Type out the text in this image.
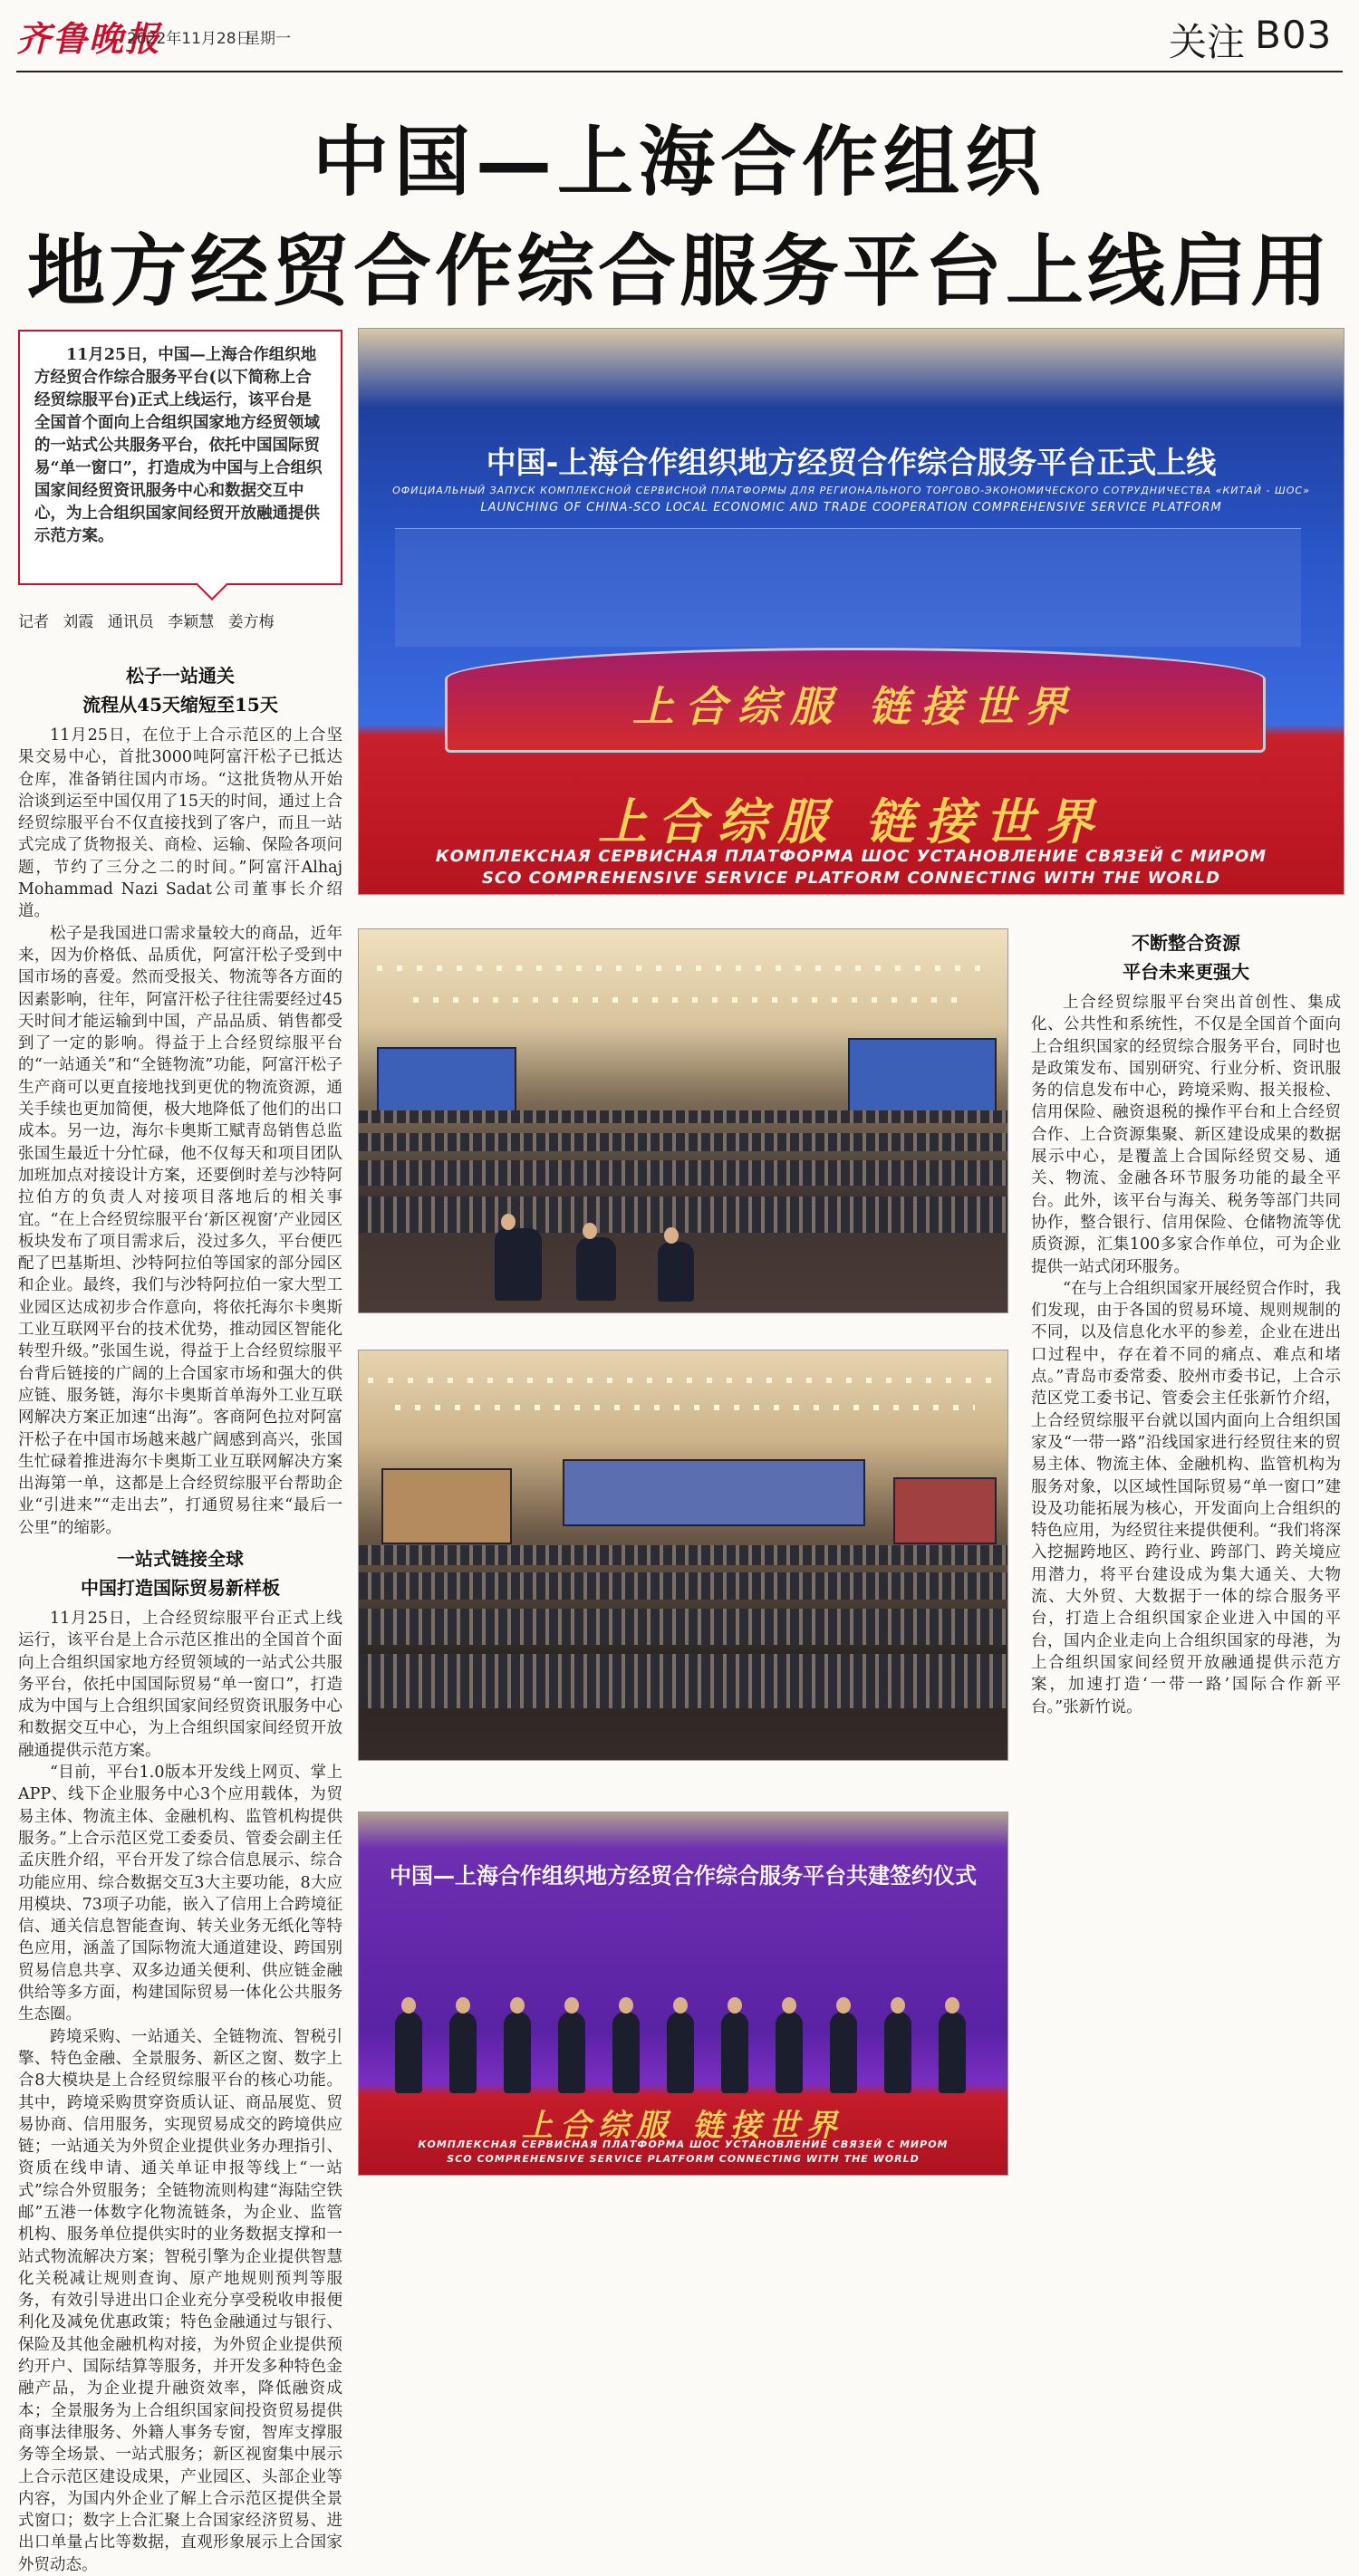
齐鲁晚报
2022年11月28日
星期一	关注 B03
中国—上海合作组织
地方经贸合作综合服务平台上线启用
11月25日，中国—上海合作组织地方经贸合作综合服务平台(以下简称上合经贸综服平台)正式上线运行，该平台是全国首个面向上合组织国家地方经贸领域的一站式公共服务平台，依托中国国际贸易“单一窗口”，打造成为中国与上合组织国家间经贸资讯服务中心和数据交互中心，为上合组织国家间经贸开放融通提供示范方案。
记者 刘霞 通讯员 李颖慧 姜方梅
松子一站通关
流程从45天缩短至15天

11月25日，在位于上合示范区的上合坚果交易中心，首批3000吨阿富汗松子已抵达仓库，准备销往国内市场。“这批货物从开始洽谈到运至中国仅用了15天的时间，通过上合经贸综服平台不仅直接找到了客户，而且一站式完成了货物报关、商检、运输、保险各项问题，节约了三分之二的时间。”阿富汗Alhaj Mohammad Nazi Sadat公司董事长介绍道。

松子是我国进口需求量较大的商品，近年来，因为价格低、品质优，阿富汗松子受到中国市场的喜爱。然而受报关、物流等各方面的因素影响，往年，阿富汗松子往往需要经过45天时间才能运输到中国，产品品质、销售都受到了一定的影响。得益于上合经贸综服平台的“一站通关”和“全链物流”功能，阿富汗松子生产商可以更直接地找到更优的物流资源，通关手续也更加简便，极大地降低了他们的出口成本。另一边，海尔卡奥斯工赋青岛销售总监张国生最近十分忙碌，他不仅每天和项目团队加班加点对接设计方案，还要倒时差与沙特阿拉伯方的负责人对接项目落地后的相关事宜。“在上合经贸综服平台‘新区视窗’产业园区板块发布了项目需求后，没过多久，平台便匹配了巴基斯坦、沙特阿拉伯等国家的部分园区和企业。最终，我们与沙特阿拉伯一家大型工业园区达成初步合作意向，将依托海尔卡奥斯工业互联网平台的技术优势，推动园区智能化转型升级。”张国生说，得益于上合经贸综服平台背后链接的广阔的上合国家市场和强大的供应链、服务链，海尔卡奥斯首单海外工业互联网解决方案正加速“出海”。客商阿色拉对阿富汗松子在中国市场越来越广阔感到高兴，张国生忙碌着推进海尔卡奥斯工业互联网解决方案出海第一单，这都是上合经贸综服平台帮助企业“引进来”“走出去”，打通贸易往来“最后一公里”的缩影。

一站式链接全球
中国打造国际贸易新样板

11月25日，上合经贸综服平台正式上线运行，该平台是上合示范区推出的全国首个面向上合组织国家地方经贸领域的一站式公共服务平台，依托中国国际贸易“单一窗口”，打造成为中国与上合组织国家间经贸资讯服务中心和数据交互中心，为上合组织国家间经贸开放融通提供示范方案。

“目前，平台1.0版本开发线上网页、掌上APP、线下企业服务中心3个应用载体，为贸易主体、物流主体、金融机构、监管机构提供服务。”上合示范区党工委委员、管委会副主任孟庆胜介绍，平台开发了综合信息展示、综合功能应用、综合数据交互3大主要功能，8大应用模块、73项子功能，嵌入了信用上合跨境征信、通关信息智能查询、转关业务无纸化等特色应用，涵盖了国际物流大通道建设、跨国别贸易信息共享、双多边通关便利、供应链金融供给等多方面，构建国际贸易一体化公共服务生态圈。

跨境采购、一站通关、全链物流、智税引擎、特色金融、全景服务、新区之窗、数字上合8大模块是上合经贸综服平台的核心功能。其中，跨境采购贯穿资质认证、商品展览、贸易协商、信用服务，实现贸易成交的跨境供应链；一站通关为外贸企业提供业务办理指引、资质在线申请、通关单证申报等线上“一站式”综合外贸服务；全链物流则构建“海陆空铁邮”五港一体数字化物流链条，为企业、监管机构、服务单位提供实时的业务数据支撑和一站式物流解决方案；智税引擎为企业提供智慧化关税减让规则查询、原产地规则预判等服务，有效引导进出口企业充分享受税收申报便利化及减免优惠政策；特色金融通过与银行、保险及其他金融机构对接，为外贸企业提供预约开户、国际结算等服务，并开发多种特色金融产品，为企业提升融资效率，降低融资成本；全景服务为上合组织国家间投资贸易提供商事法律服务、外籍人事务专窗，智库支撑服务等全场景、一站式服务；新区视窗集中展示上合示范区建设成果，产业园区、头部企业等内容，为国内外企业了解上合示范区提供全景式窗口；数字上合汇聚上合国家经济贸易、进出口单量占比等数据，直观形象展示上合国家外贸动态。

不断整合资源
平台未来更强大

上合经贸综服平台突出首创性、集成化、公共性和系统性，不仅是全国首个面向上合组织国家的经贸综合服务平台，同时也是政策发布、国别研究、行业分析、资讯服务的信息发布中心，跨境采购、报关报检、信用保险、融资退税的操作平台和上合经贸合作、上合资源集聚、新区建设成果的数据展示中心，是覆盖上合国际经贸交易、通关、物流、金融各环节服务功能的最全平台。此外，该平台与海关、税务等部门共同协作，整合银行、信用保险、仓储物流等优质资源，汇集100多家合作单位，可为企业提供一站式闭环服务。

“在与上合组织国家开展经贸合作时，我们发现，由于各国的贸易环境、规则规制的不同，以及信息化水平的参差，企业在进出口过程中，存在着不同的痛点、难点和堵点。”青岛市委常委、胶州市委书记，上合示范区党工委书记、管委会主任张新竹介绍，上合经贸综服平台就以国内面向上合组织国家及“一带一路”沿线国家进行经贸往来的贸易主体、物流主体、金融机构、监管机构为服务对象，以区域性国际贸易“单一窗口”建设及功能拓展为核心，开发面向上合组织的特色应用，为经贸往来提供便利。“我们将深入挖掘跨地区、跨行业、跨部门、跨关境应用潜力，将平台建设成为集大通关、大物流、大外贸、大数据于一体的综合服务平台，打造上合组织国家企业进入中国的平台，国内企业走向上合组织国家的母港，为上合组织国家间经贸开放融通提供示范方案，加速打造‘一带一路’国际合作新平台。”张新竹说。

中国-上海合作组织地方经贸合作综合服务平台正式上线
ОФИЦИАЛЬНЫЙ ЗАПУСК КОМПЛЕКСНОЙ СЕРВИСНОЙ ПЛАТФОРМЫ ДЛЯ РЕГИОНАЛЬНОГО ТОРГОВО-ЭКОНОМИЧЕСКОГО СОТРУДНИЧЕСТВА «КИТАЙ - ШОС»
LAUNCHING OF CHINA-SCO LOCAL ECONOMIC AND TRADE COOPERATION COMPREHENSIVE SERVICE PLATFORM
上合综服 链接世界
上合综服 链接世界
КОМПЛЕКСНАЯ СЕРВИСНАЯ ПЛАТФОРМА ШОС УСТАНОВЛЕНИЕ СВЯЗЕЙ С МИРОМ
SCO COMPREHENSIVE SERVICE PLATFORM CONNECTING WITH THE WORLD
中国—上海合作组织地方经贸合作综合服务平台共建签约仪式
上合综服 链接世界
КОМПЛЕКСНАЯ СЕРВИСНАЯ ПЛАТФОРМА ШОС УСТАНОВЛЕНИЕ СВЯЗЕЙ С МИРОМ
SCO COMPREHENSIVE SERVICE PLATFORM CONNECTING WITH THE WORLD
